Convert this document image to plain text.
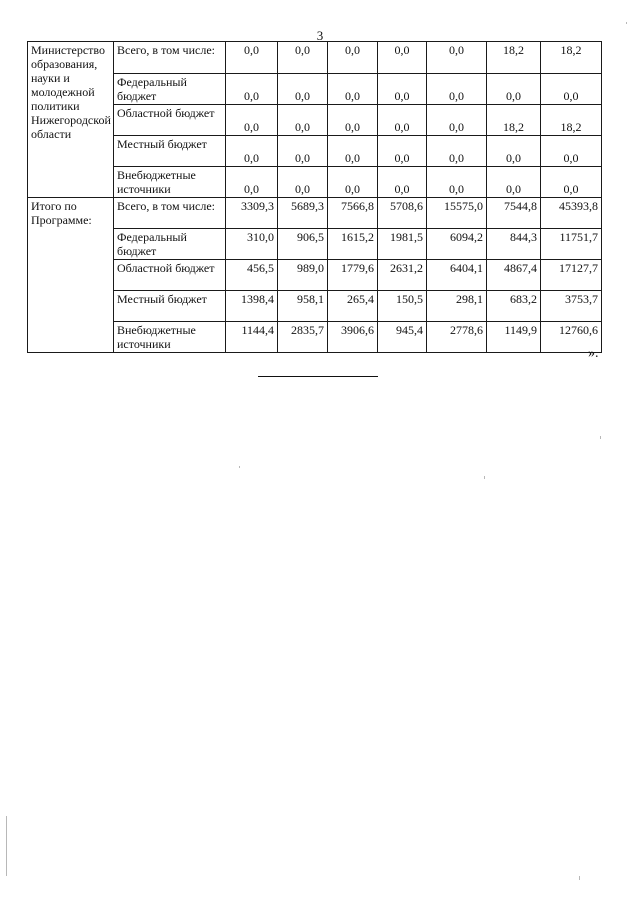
3
Министерство образования, науки и молодежной политики Нижегородской области	Всего, в том числе:	0,0	0,0	0,0	0,0	0,0	18,2	18,2
	Федеральный бюджет	0,0	0,0	0,0	0,0	0,0	0,0	0,0
	Областной бюджет	0,0	0,0	0,0	0,0	0,0	18,2	18,2
	Местный бюджет	0,0	0,0	0,0	0,0	0,0	0,0	0,0
	Внебюджетные источники	0,0	0,0	0,0	0,0	0,0	0,0	0,0
Итого по Программе:	Всего, в том числе:	3309,3	5689,3	7566,8	5708,6	15575,0	7544,8	45393,8
	Федеральный бюджет	310,0	906,5	1615,2	1981,5	6094,2	844,3	11751,7
	Областной бюджет	456,5	989,0	1779,6	2631,2	6404,1	4867,4	17127,7
	Местный бюджет	1398,4	958,1	265,4	150,5	298,1	683,2	3753,7
	Внебюджетные источники	1144,4	2835,7	3906,6	945,4	2778,6	1149,9	12760,6
».
